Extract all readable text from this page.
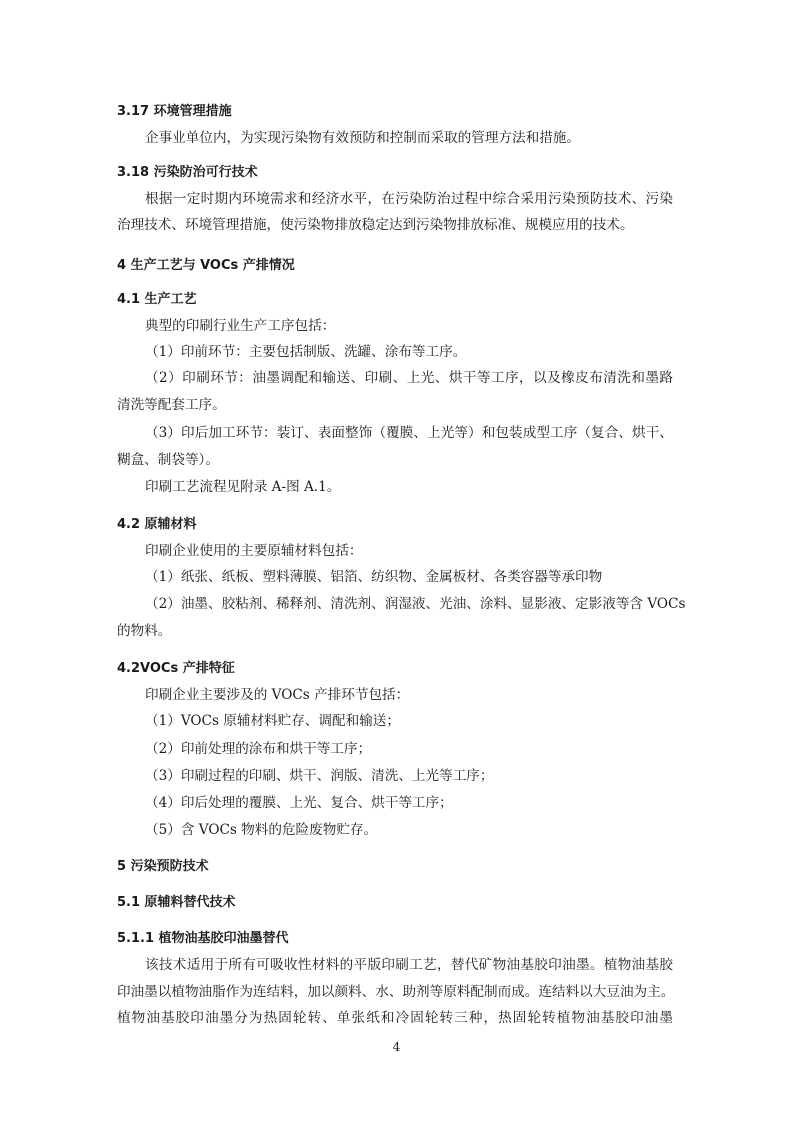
3.17 环境管理措施
企事业单位内，为实现污染物有效预防和控制而采取的管理方法和措施。
3.18 污染防治可行技术
根据一定时期内环境需求和经济水平，在污染防治过程中综合采用污染预防技术、污染
治理技术、环境管理措施，使污染物排放稳定达到污染物排放标准、规模应用的技术。
4 生产工艺与 VOCs 产排情况
4.1 生产工艺
典型的印刷行业生产工序包括：
（1）印前环节：主要包括制版、洗罐、涂布等工序。
（2）印刷环节：油墨调配和输送、印刷、上光、烘干等工序，以及橡皮布清洗和墨路
清洗等配套工序。
（3）印后加工环节：装订、表面整饰（覆膜、上光等）和包装成型工序（复合、烘干、
糊盒、制袋等）。
印刷工艺流程见附录 A-图 A.1。
4.2 原辅材料
印刷企业使用的主要原辅材料包括：
（1）纸张、纸板、塑料薄膜、铝箔、纺织物、金属板材、各类容器等承印物
（2）油墨、胶粘剂、稀释剂、清洗剂、润湿液、光油、涂料、显影液、定影液等含 VOCs
的物料。
4.2VOCs 产排特征
印刷企业主要涉及的 VOCs 产排环节包括：
（1）VOCs 原辅材料贮存、调配和输送；
（2）印前处理的涂布和烘干等工序；
（3）印刷过程的印刷、烘干、润版、清洗、上光等工序；
（4）印后处理的覆膜、上光、复合、烘干等工序；
（5）含 VOCs 物料的危险废物贮存。
5 污染预防技术
5.1 原辅料替代技术
5.1.1 植物油基胶印油墨替代
该技术适用于所有可吸收性材料的平版印刷工艺，替代矿物油基胶印油墨。植物油基胶
印油墨以植物油脂作为连结料，加以颜料、水、助剂等原料配制而成。连结料以大豆油为主。
植物油基胶印油墨分为热固轮转、单张纸和冷固轮转三种，热固轮转植物油基胶印油墨
4
